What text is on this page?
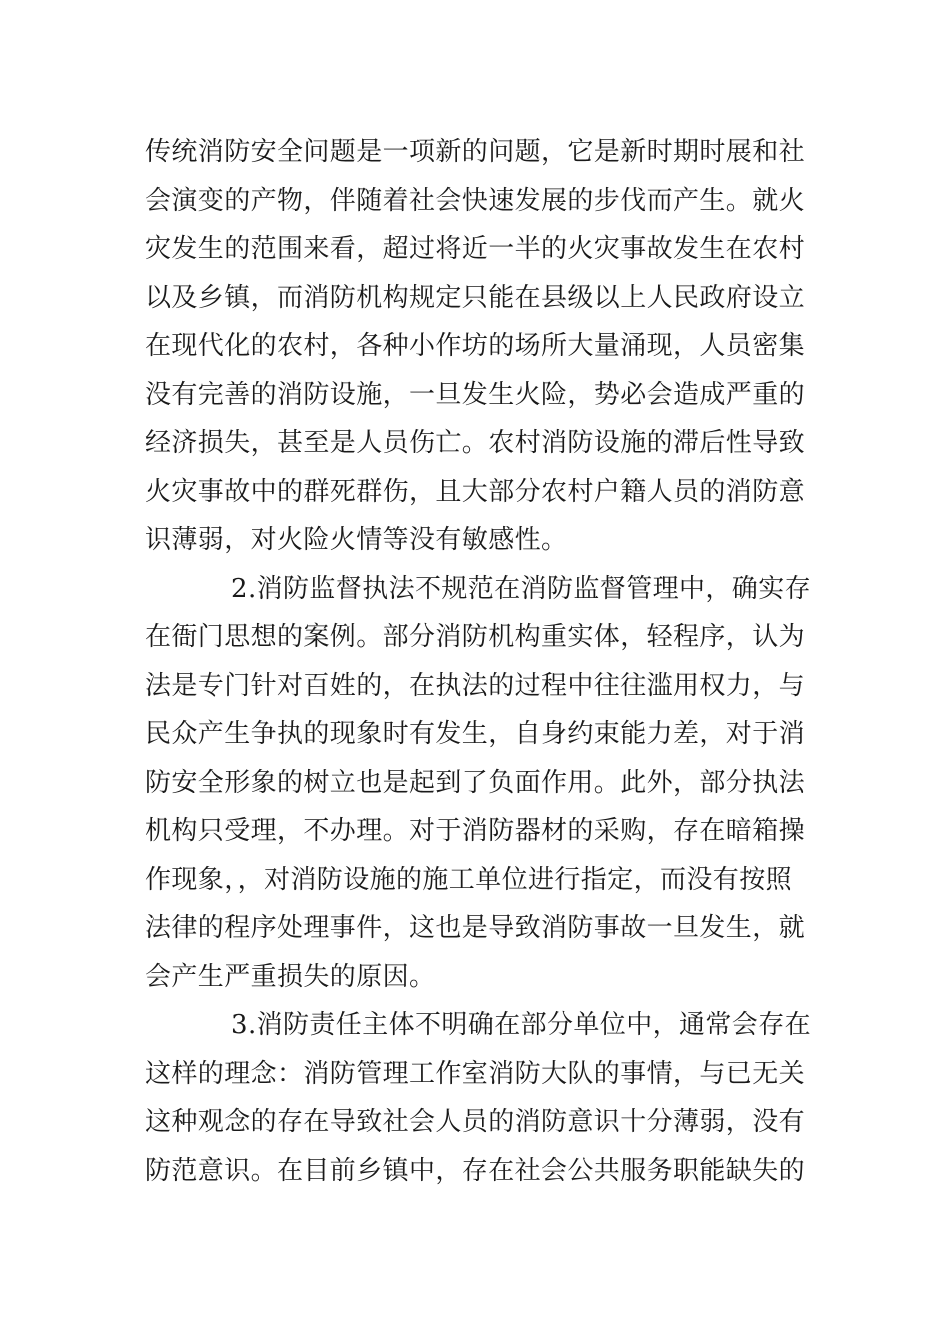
传统消防安全问题是一项新的问题，它是新时期时展和社
会演变的产物，伴随着社会快速发展的步伐而产生。就火
灾发生的范围来看，超过将近一半的火灾事故发生在农村
以及乡镇，而消防机构规定只能在县级以上人民政府设立
在现代化的农村，各种小作坊的场所大量涌现，人员密集
没有完善的消防设施，一旦发生火险，势必会造成严重的
经济损失，甚至是人员伤亡。农村消防设施的滞后性导致
火灾事故中的群死群伤，且大部分农村户籍人员的消防意
识薄弱，对火险火情等没有敏感性。
2.消防监督执法不规范在消防监督管理中，确实存
在衙门思想的案例。部分消防机构重实体，轻程序，认为
法是专门针对百姓的，在执法的过程中往往滥用权力，与
民众产生争执的现象时有发生，自身约束能力差，对于消
防安全形象的树立也是起到了负面作用。此外，部分执法
机构只受理，不办理。对于消防器材的采购，存在暗箱操
作现象，，对消防设施的施工单位进行指定，而没有按照
法律的程序处理事件，这也是导致消防事故一旦发生，就
会产生严重损失的原因。
3.消防责任主体不明确在部分单位中，通常会存在
这样的理念：消防管理工作室消防大队的事情，与已无关
这种观念的存在导致社会人员的消防意识十分薄弱，没有
防范意识。在目前乡镇中，存在社会公共服务职能缺失的
